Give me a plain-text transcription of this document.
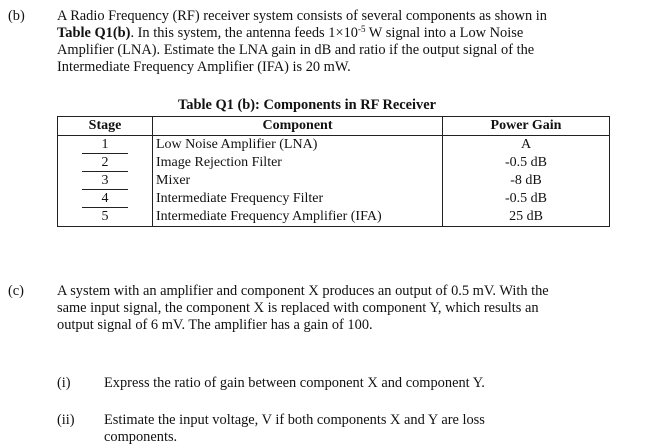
(b) A Radio Frequency (RF) receiver system consists of several components as shown in
Table Q1(b). In this system, the antenna feeds $1\times 10^{-5}$ W signal into a Low Noise
Amplifier (LNA). Estimate the LNA gain in dB and ratio if the output signal of the
Intermediate Frequency Amplifier (IFA) is 20 mW.
Table Q1 (b): Components in RF Receiver
Stage	Component	Power Gain
1	Low Noise Amplifier (LNA)	A
2	Image Rejection Filter	-0.5 dB
3	Mixer	-8 dB
4	Intermediate Frequency Filter	-0.5 dB
5	Intermediate Frequency Amplifier (IFA)	25 dB
(c) A system with an amplifier and component X produces an output of 0.5 mV. With the
same input signal, the component X is replaced with component Y, which results an
output signal of 6 mV. The amplifier has a gain of 100.
(i) Express the ratio of gain between component X and component Y.
(ii) Estimate the input voltage, V if both components X and Y are loss
components.
